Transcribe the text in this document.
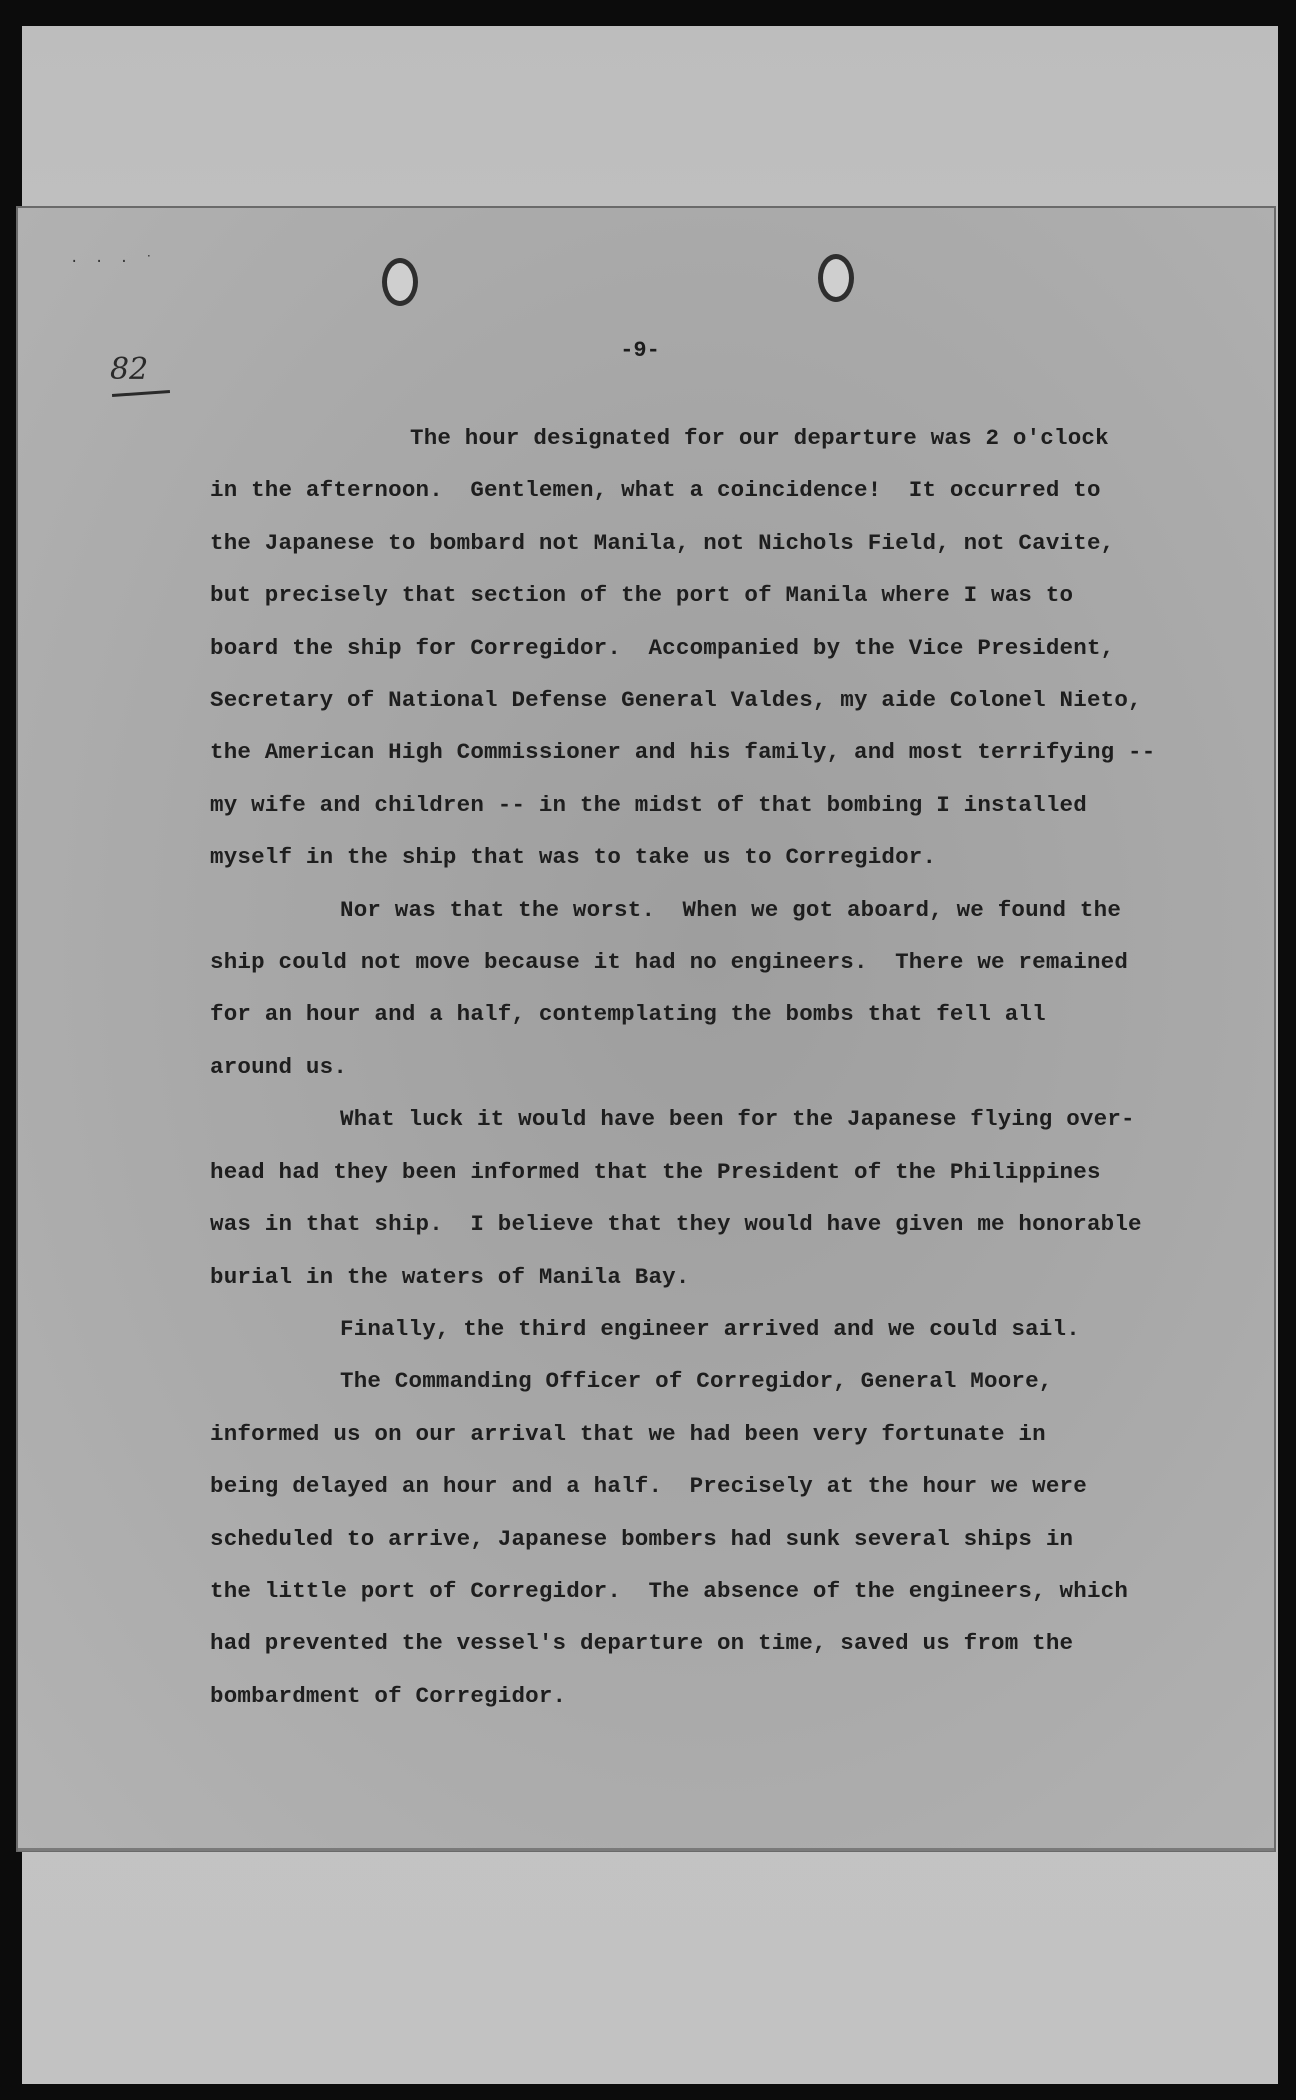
· · · ˙
82
-9-
The hour designated for our departure was 2 o'clock
in the afternoon.  Gentlemen, what a coincidence!  It occurred to
the Japanese to bombard not Manila, not Nichols Field, not Cavite,
but precisely that section of the port of Manila where I was to
board the ship for Corregidor.  Accompanied by the Vice President,
Secretary of National Defense General Valdes, my aide Colonel Nieto,
the American High Commissioner and his family, and most terrifying --
my wife and children -- in the midst of that bombing I installed
myself in the ship that was to take us to Corregidor.
Nor was that the worst.  When we got aboard, we found the
ship could not move because it had no engineers.  There we remained
for an hour and a half, contemplating the bombs that fell all
around us.
What luck it would have been for the Japanese flying over-
head had they been informed that the President of the Philippines
was in that ship.  I believe that they would have given me honorable
burial in the waters of Manila Bay.
Finally, the third engineer arrived and we could sail.
The Commanding Officer of Corregidor, General Moore,
informed us on our arrival that we had been very fortunate in
being delayed an hour and a half.  Precisely at the hour we were
scheduled to arrive, Japanese bombers had sunk several ships in
the little port of Corregidor.  The absence of the engineers, which
had prevented the vessel's departure on time, saved us from the
bombardment of Corregidor.
